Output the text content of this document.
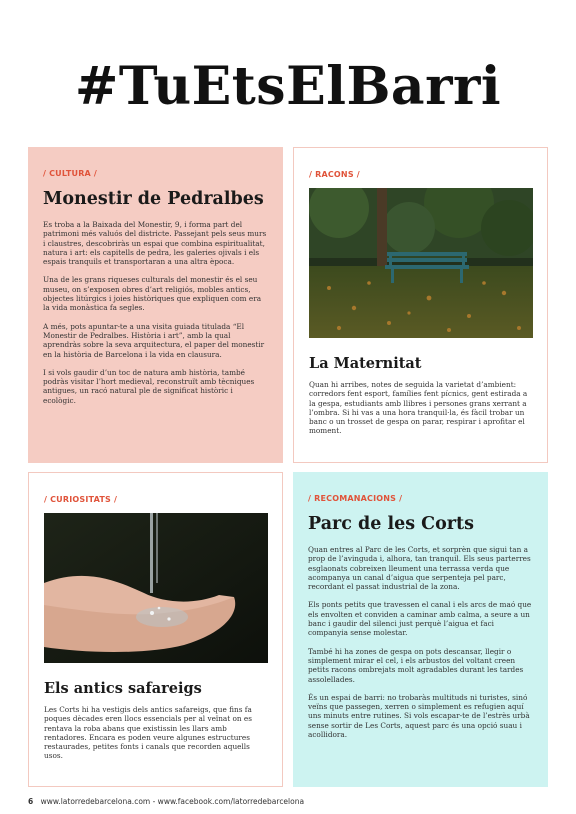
#TuEtsElBarri
/ CULTURA /
Monestir de Pedralbes

Es troba a la Baixada del Monestir, 9, i forma part del patrimoni més valuós del districte. Passejant pels seus murs i claustres, descobriràs un espai que combina espiritualitat, natura i art: els capitells de pedra, les galeries ojivals i els espais tranquils et transportaran a una altra època.

Una de les grans riqueses culturals del monestir és el seu museu, on s’exposen obres d’art religiós, mobles antics, objectes litúrgics i joies històriques que expliquen com era la vida monàstica fa segles.

A més, pots apuntar-te a una visita guiada titulada “El Monestir de Pedralbes. Història i art”, amb la qual aprendràs sobre la seva arquitectura, el paper del monestir en la història de Barcelona i la vida en clausura.

I si vols gaudir d’un toc de natura amb història, també podràs visitar l’hort medieval, reconstruït amb tècniques antigues, un racó natural ple de significat històric i ecològic.

/ RACONS /
La Maternitat

Quan hi arribes, notes de seguida la varietat d’ambient: corredors fent esport, famílies fent pícnics, gent estirada a la gespa, estudiants amb llibres i persones grans xerrant a l’ombra. Si hi vas a una hora tranquil·la, és fàcil trobar un banc o un trosset de gespa on parar, respirar i aprofitar el moment.

/ CURIOSITATS /
Els antics safareigs

Les Corts hi ha vestigis dels antics safareigs, que fins fa poques dècades eren llocs essencials per al veïnat on es rentava la roba abans que existissin les llars amb rentadores. Encara es poden veure algunes estructures restaurades, petites fonts i canals que recorden aquells usos.

/ RECOMANACIONS /
Parc de les Corts

Quan entres al Parc de les Corts, et sorprèn que sigui tan a prop de l’avinguda i, alhora, tan tranquil. Els seus parterres esglaonats cobreixen lleument una terrassa verda que acompanya un canal d’aigua que serpenteja pel parc, recordant el passat industrial de la zona.

Els ponts petits que travessen el canal i els arcs de maó que els envolten et conviden a caminar amb calma, a seure a un banc i gaudir del silenci just perquè l’aigua et faci companyia sense molestar.

També hi ha zones de gespa on pots descansar, llegir o simplement mirar el cel, i els arbustos del voltant creen petits racons ombrejats molt agradables durant les tardes assolellades.

És un espai de barri: no trobaràs multituds ni turistes, sinó veïns que passegen, xerren o simplement es refugien aquí uns minuts entre rutines. Si vols escapar-te de l’estrès urbà sense sortir de Les Corts, aquest parc és una opció suau i acollidora.

6 www.latorredebarcelona.com - www.facebook.com/latorredebarcelona
